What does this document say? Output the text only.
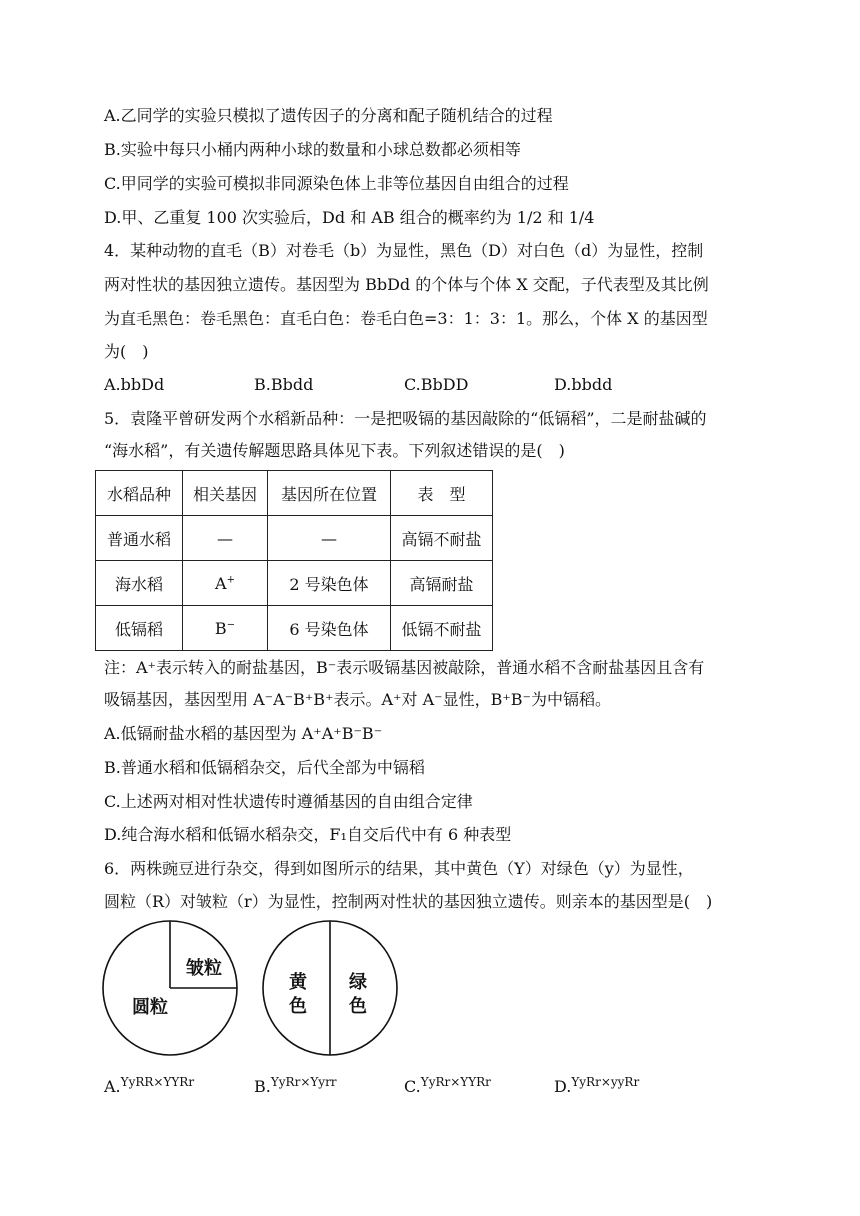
A.乙同学的实验只模拟了遗传因子的分离和配子随机结合的过程
B.实验中每只小桶内两种小球的数量和小球总数都必须相等
C.甲同学的实验可模拟非同源染色体上非等位基因自由组合的过程
D.甲、乙重复 100 次实验后，Dd 和 AB 组合的概率约为 1/2 和 1/4
4．某种动物的直毛（B）对卷毛（b）为显性，黑色（D）对白色（d）为显性，控制
两对性状的基因独立遗传。基因型为 BbDd 的个体与个体 X 交配，子代表型及其比例
为直毛黑色：卷毛黑色：直毛白色：卷毛白色=3：1：3：1。那么，个体 X 的基因型
为(　)
A.bbDd	B.Bbdd	C.BbDD	D.bbdd
5．袁隆平曾研发两个水稻新品种：一是把吸镉的基因敲除的“低镉稻”，二是耐盐碱的
“海水稻”，有关遗传解题思路具体见下表。下列叙述错误的是(　)
水稻品种	相关基因	基因所在位置	表　型
普通水稻	—	—	高镉不耐盐
海水稻	A+	2 号染色体	高镉耐盐
低镉稻	B−	6 号染色体	低镉不耐盐
注：A⁺表示转入的耐盐基因，B⁻表示吸镉基因被敲除，普通水稻不含耐盐基因且含有
吸镉基因，基因型用 A⁻A⁻B⁺B⁺表示。A⁺对 A⁻显性，B⁺B⁻为中镉稻。
A.低镉耐盐水稻的基因型为 A⁺A⁺B⁻B⁻
B.普通水稻和低镉稻杂交，后代全部为中镉稻
C.上述两对相对性状遗传时遵循基因的自由组合定律
D.纯合海水稻和低镉水稻杂交，F₁自交后代中有 6 种表型
6．两株豌豆进行杂交，得到如图所示的结果，其中黄色（Y）对绿色（y）为显性，
圆粒（R）对皱粒（r）为显性，控制两对性状的基因独立遗传。则亲本的基因型是(　)
圆粒
皱粒
黄
色
绿
色
A.$^{YyRR\times YYRr}$	B.$^{YyRr\times Yyrr}$	C.$^{YyRr\times YYRr}$	D.$^{YyRr\times yyRr}$
